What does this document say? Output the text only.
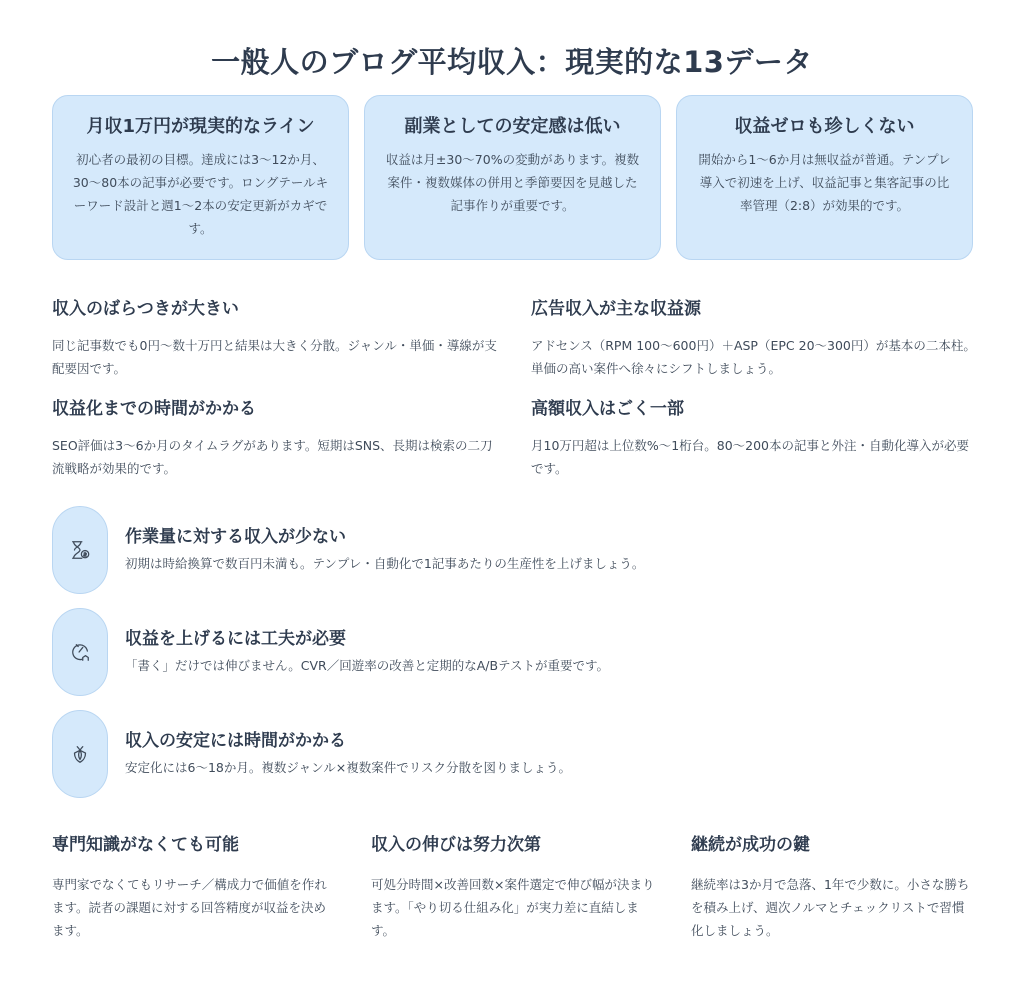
一般人のブログ平均収入：現実的な13データ
月収1万円が現実的なライン

初心者の最初の目標。達成には3〜12か月、30〜80本の記事が必要です。ロングテールキーワード設計と週1〜2本の安定更新がカギです。

副業としての安定感は低い

収益は月±30〜70%の変動があります。複数案件・複数媒体の併用と季節要因を見越した記事作りが重要です。

収益ゼロも珍しくない

開始から1〜6か月は無収益が普通。テンプレ導入で初速を上げ、収益記事と集客記事の比率管理（2:8）が効果的です。

収入のばらつきが大きい

同じ記事数でも0円〜数十万円と結果は大きく分散。ジャンル・単価・導線が支配要因です。

広告収入が主な収益源

アドセンス（RPM 100〜600円）＋ASP（EPC 20〜300円）が基本の二本柱。単価の高い案件へ徐々にシフトしましょう。

収益化までの時間がかかる

SEO評価は3〜6か月のタイムラグがあります。短期はSNS、長期は検索の二刀流戦略が効果的です。

高額収入はごく一部

月10万円超は上位数%〜1桁台。80〜200本の記事と外注・自動化導入が必要です。

作業量に対する収入が少ない

初期は時給換算で数百円未満も。テンプレ・自動化で1記事あたりの生産性を上げましょう。

収益を上げるには工夫が必要

「書く」だけでは伸びません。CVR／回遊率の改善と定期的なA/Bテストが重要です。

収入の安定には時間がかかる

安定化には6〜18か月。複数ジャンル×複数案件でリスク分散を図りましょう。

専門知識がなくても可能

専門家でなくてもリサーチ／構成力で価値を作れます。読者の課題に対する回答精度が収益を決めます。

収入の伸びは努力次第

可処分時間×改善回数×案件選定で伸び幅が決まります。「やり切る仕組み化」が実力差に直結します。

継続が成功の鍵

継続率は3か月で急落、1年で少数に。小さな勝ちを積み上げ、週次ノルマとチェックリストで習慣化しましょう。
